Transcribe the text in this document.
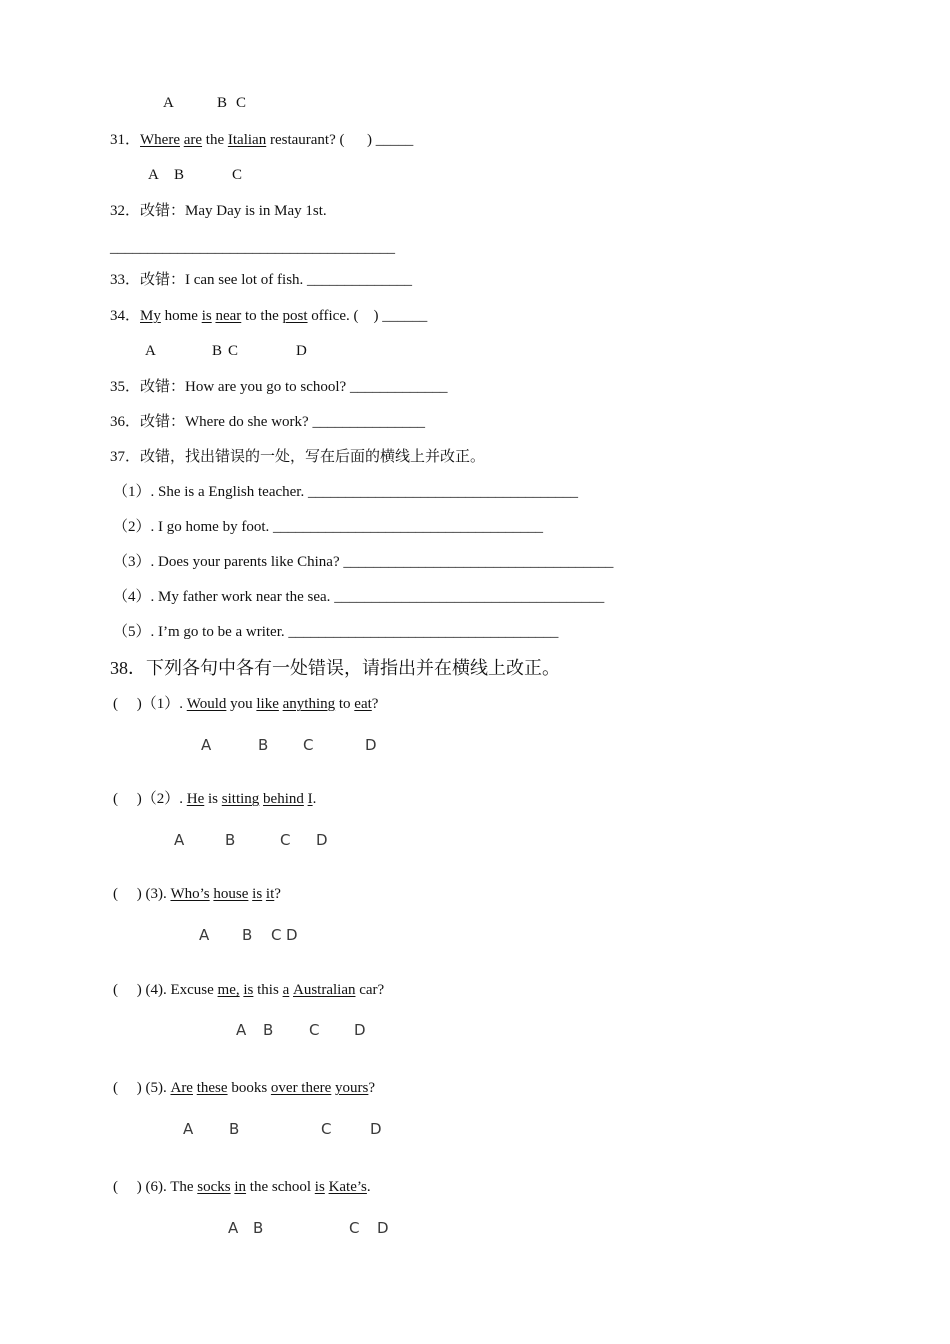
A	B C
31． Where
are the Italian restaurant? (      ) _____
A B	C
32．改错：May Day is in May 1st.
______________________________________
33．改错：I can see lot of fish. ______________
34． My home is
near to the post office. (    ) ______
A	B C	D
35．改错：How are you go to school? _____________
36．改错：Where do she work? _______________
37．改错，找出错误的一处，写在后面的横线上并改正。
（1）. She is a English teacher. ____________________________________
（2）. I go home by foot. ____________________________________
（3）. Does your parents like China? ____________________________________
（4）. My father work near the sea. ____________________________________
（5）. I’m go to be a writer. ____________________________________
38．下列各句中各有一处错误，请指出并在横线上改正。
(     )（1）. Would you like
anything to eat ?
A	B C	D
(     )（2）. He is sitting
behind
I .
A	B	C D
(     ) (3). Who’s
house
is
it ?
A B C D
(     ) (4). Excuse me,
is this a
Australian car?
A B C D
(     ) (5). Are
these books over there
yours ?
A B	C	D
(     ) (6). The socks
in the school is
Kate’s .
A B	C D
